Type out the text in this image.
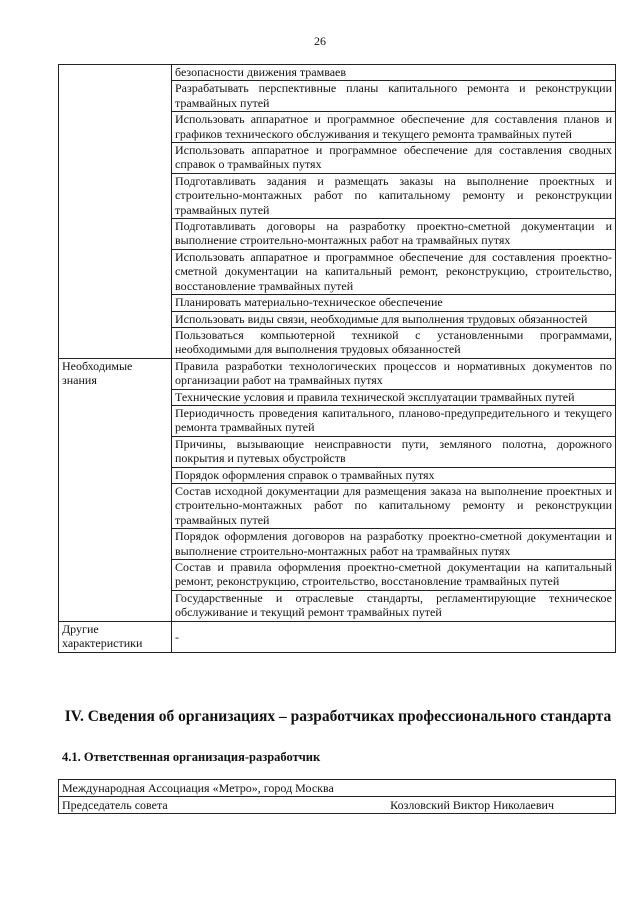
26
	безопасности движения трамваев
	Разрабатывать перспективные планы капитального ремонта и реконструкции трамвайных путей
	Использовать аппаратное и программное обеспечение для составления планов и графиков технического обслуживания и текущего ремонта трамвайных путей
	Использовать аппаратное и программное обеспечение для составления сводных справок о трамвайных путях
	Подготавливать задания и размещать заказы на выполнение проектных и строительно-монтажных работ по капитальному ремонту и реконструкции трамвайных путей
	Подготавливать договоры на разработку проектно-сметной документации и выполнение строительно-монтажных работ на трамвайных путях
	Использовать аппаратное и программное обеспечение для составления проектно-сметной документации на капитальный ремонт, реконструкцию, строительство, восстановление трамвайных путей
	Планировать материально-техническое обеспечение
	Использовать виды связи, необходимые для выполнения трудовых обязанностей
	Пользоваться компьютерной техникой с установленными программами, необходимыми для выполнения трудовых обязанностей
Необходимые знания	Правила разработки технологических процессов и нормативных документов по организации работ на трамвайных путях
	Технические условия и правила технической эксплуатации трамвайных путей
	Периодичность проведения капитального, планово-предупредительного и текущего ремонта трамвайных путей
	Причины, вызывающие неисправности пути, земляного полотна, дорожного покрытия и путевых обустройств
	Порядок оформления справок о трамвайных путях
	Состав исходной документации для размещения заказа на выполнение проектных и строительно-монтажных работ по капитальному ремонту и реконструкции трамвайных путей
	Порядок оформления договоров на разработку проектно-сметной документации и выполнение строительно-монтажных работ на трамвайных путях
	Состав и правила оформления проектно-сметной документации на капитальный ремонт, реконструкцию, строительство, восстановление трамвайных путей
	Государственные и отраслевые стандарты, регламентирующие техническое обслуживание и текущий ремонт трамвайных путей
Другие характеристики	-
IV. Сведения об организациях – разработчиках профессионального стандарта
4.1. Ответственная организация-разработчик
Международная Ассоциация «Метро», город Москва

Председатель совета	Козловский Виктор Николаевич
